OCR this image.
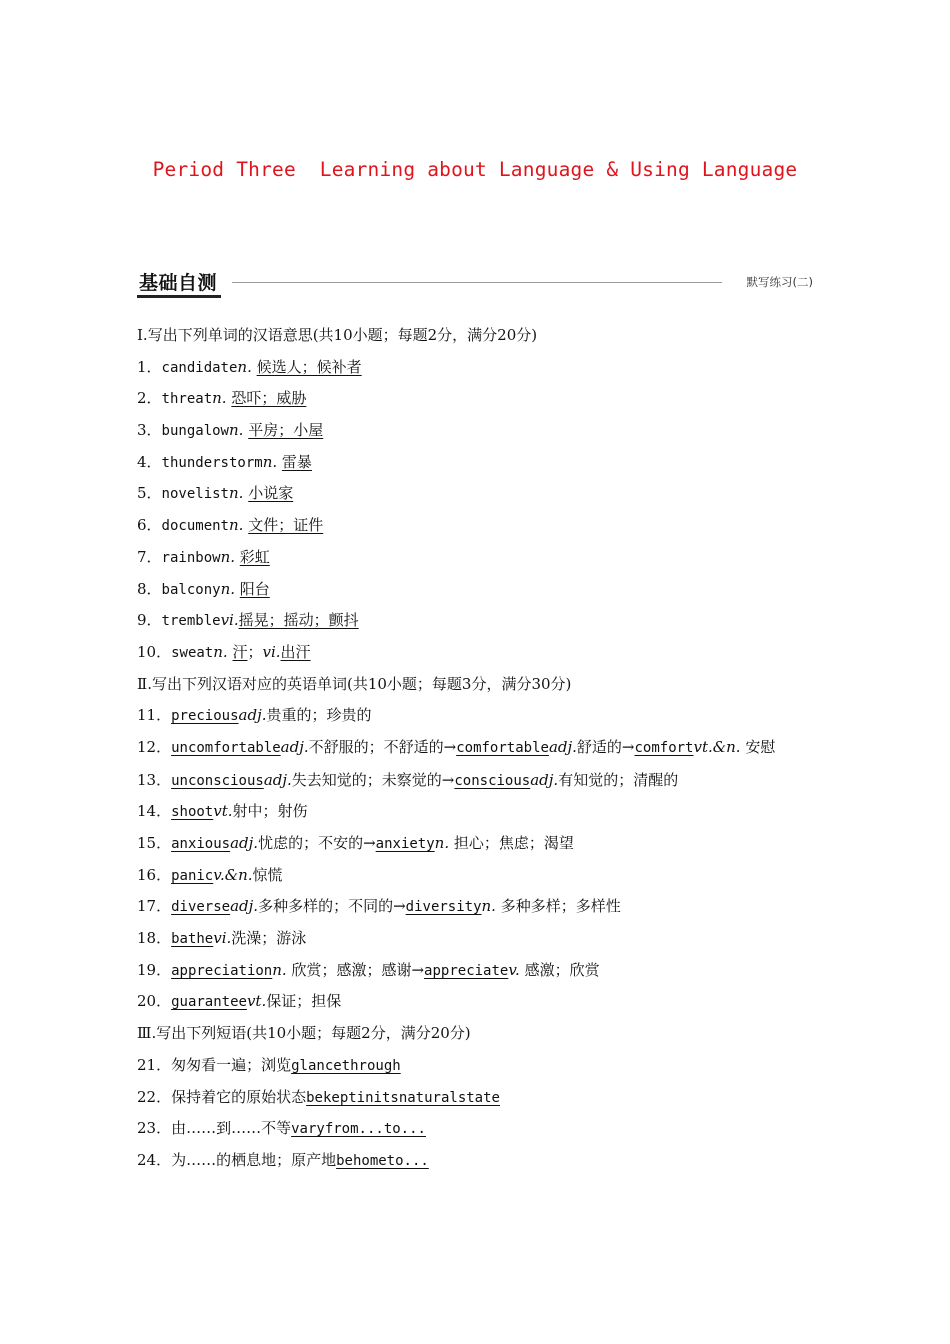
Period Three  Learning about Language & Using Language
基础自测	默写练习(二)
Ⅰ.写出下列单词的汉语意思(共10小题；每题2分，满分20分)
1．candidaten. 候选人；候补者
2．threatn. 恐吓；威胁
3．bungalown. 平房；小屋
4．thunderstormn. 雷暴
5．novelistn. 小说家
6．documentn. 文件；证件
7．rainbown. 彩虹
8．balconyn. 阳台
9．tremblevi.摇晃；摇动；颤抖
10．sweatn. 汗；vi.出汗
Ⅱ.写出下列汉语对应的英语单词(共10小题；每题3分，满分30分)
11．preciousadj.贵重的；珍贵的
12．uncomfortableadj.不舒服的；不舒适的→comfortableadj.舒适的→comfortvt.&n. 安慰
13．unconsciousadj.失去知觉的；未察觉的→consciousadj.有知觉的；清醒的
14．shootvt.射中；射伤
15．anxiousadj.忧虑的；不安的→anxietyn. 担心；焦虑；渴望
16．panicv.&n.惊慌
17．diverseadj.多种多样的；不同的→diversityn. 多种多样；多样性
18．bathevi.洗澡；游泳
19．appreciationn. 欣赏；感激；感谢→appreciatev. 感激；欣赏
20．guaranteevt.保证；担保
Ⅲ.写出下列短语(共10小题；每题2分，满分20分)
21．匆匆看一遍；浏览glancethrough
22．保持着它的原始状态bekeptinitsnaturalstate
23．由……到……不等varyfrom...to...
24．为……的栖息地；原产地behometo...
